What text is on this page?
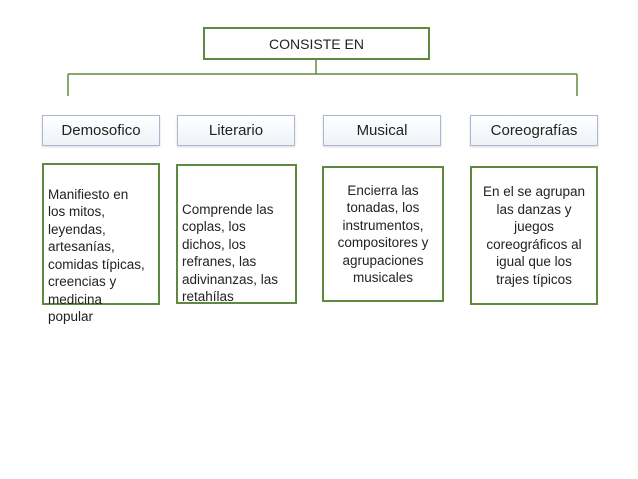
CONSISTE EN
Demosofico	Literario	Musical	Coreografías

Manifiesto en
los mitos,
leyendas,
artesanías,
comidas típicas,
creencias y
medicina
popular

Comprende las
coplas, los
dichos, los
refranes, las
adivinanzas, las
retahílas

Encierra las
tonadas, los
instrumentos,
compositores y
agrupaciones
musicales
En el se agrupan
las danzas y
juegos
coreográficos al
igual que los
trajes típicos
